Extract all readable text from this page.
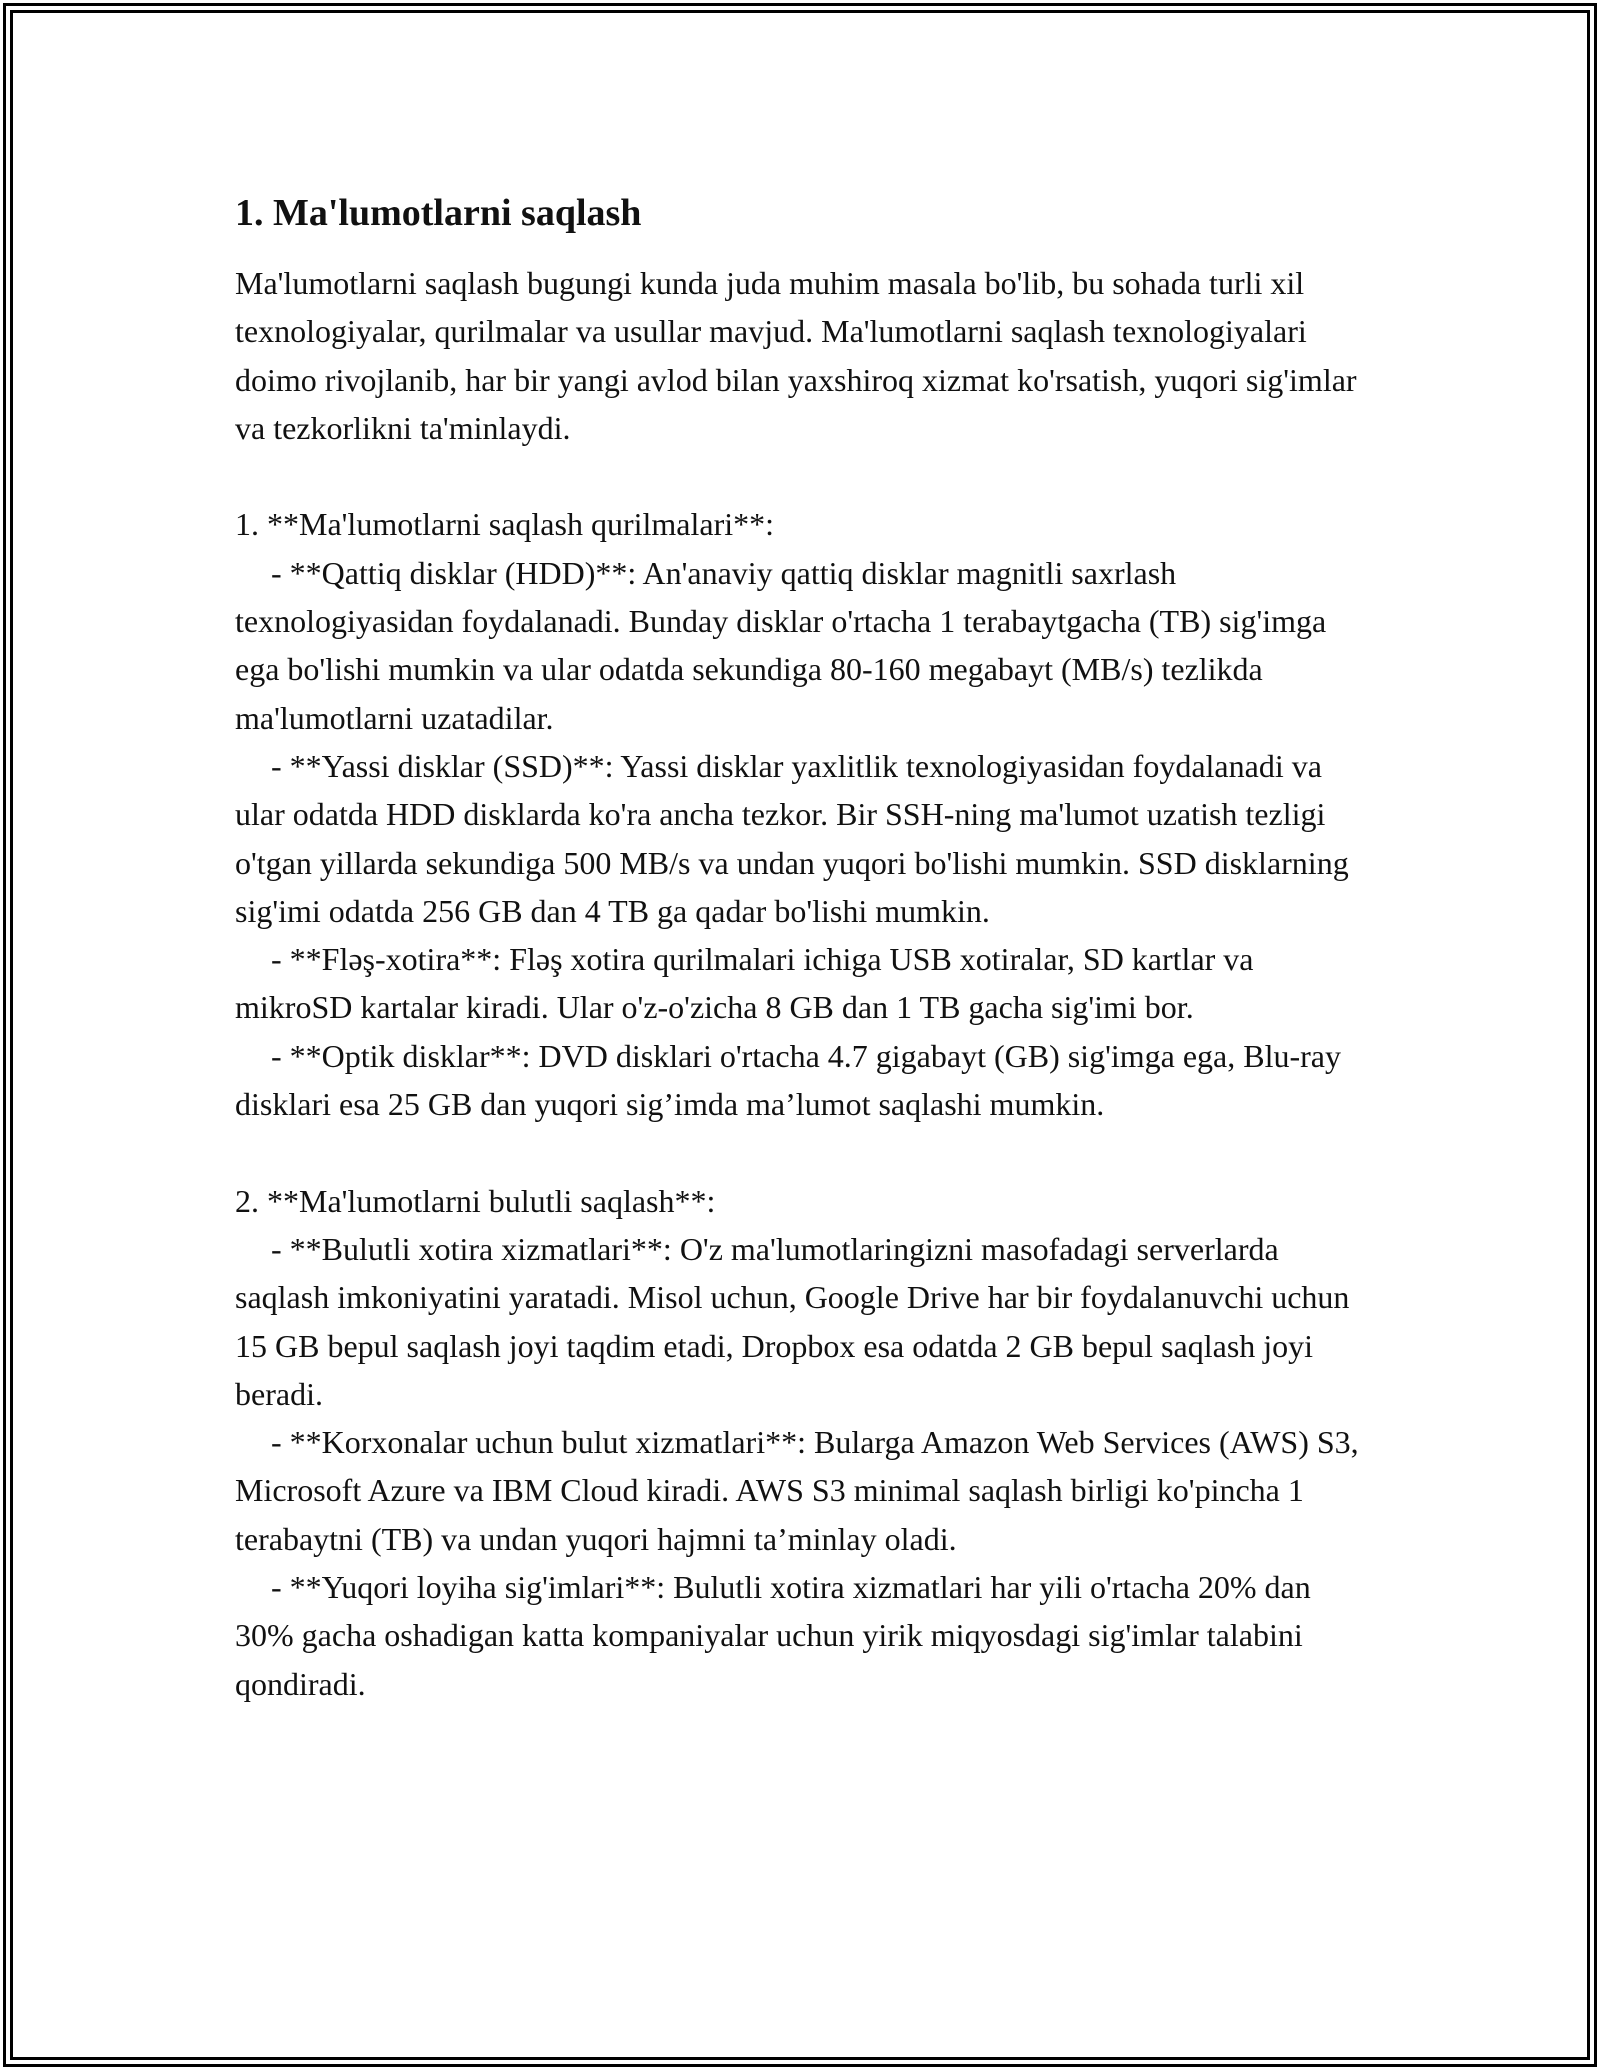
1. Ma'lumotlarni saqlash

Ma'lumotlarni saqlash bugungi kunda juda muhim masala bo'lib, bu sohada turli xil texnologiyalar, qurilmalar va usullar mavjud. Ma'lumotlarni saqlash texnologiyalari doimo rivojlanib, har bir yangi avlod bilan yaxshiroq xizmat ko'rsatish, yuqori sig'imlar va tezkorlikni ta'minlaydi.

1. **Ma'lumotlarni saqlash qurilmalari**:

- **Qattiq disklar (HDD)**: An'anaviy qattiq disklar magnitli saxrlash texnologiyasidan foydalanadi. Bunday disklar o'rtacha 1 terabaytgacha (TB) sig'imga ega bo'lishi mumkin va ular odatda sekundiga 80-160 megabayt (MB/s) tezlikda ma'lumotlarni uzatadilar.

- **Yassi disklar (SSD)**: Yassi disklar yaxlitlik texnologiyasidan foydalanadi va ular odatda HDD disklarda ko'ra ancha tezkor. Bir SSH-ning ma'lumot uzatish tezligi o'tgan yillarda sekundiga 500 MB/s va undan yuqori bo'lishi mumkin. SSD disklarning sig'imi odatda 256 GB dan 4 TB ga qadar bo'lishi mumkin.

- **Fləş-xotira**: Fləş xotira qurilmalari ichiga USB xotiralar, SD kartlar va mikroSD kartalar kiradi. Ular o'z-o'zicha 8 GB dan 1 TB gacha sig'imi bor.

- **Optik disklar**: DVD disklari o'rtacha 4.7 gigabayt (GB) sig'imga ega, Blu-ray disklari esa 25 GB dan yuqori sig’imda ma’lumot saqlashi mumkin.

2. **Ma'lumotlarni bulutli saqlash**:

- **Bulutli xotira xizmatlari**: O'z ma'lumotlaringizni masofadagi serverlarda saqlash imkoniyatini yaratadi. Misol uchun, Google Drive har bir foydalanuvchi uchun 15 GB bepul saqlash joyi taqdim etadi, Dropbox esa odatda 2 GB bepul saqlash joyi beradi.

- **Korxonalar uchun bulut xizmatlari**: Bularga Amazon Web Services (AWS) S3, Microsoft Azure va IBM Cloud kiradi. AWS S3 minimal saqlash birligi ko'pincha 1 terabaytni (TB) va undan yuqori hajmni ta’minlay oladi.

- **Yuqori loyiha sig'imlari**: Bulutli xotira xizmatlari har yili o'rtacha 20% dan 30% gacha oshadigan katta kompaniyalar uchun yirik miqyosdagi sig'imlar talabini qondiradi.
